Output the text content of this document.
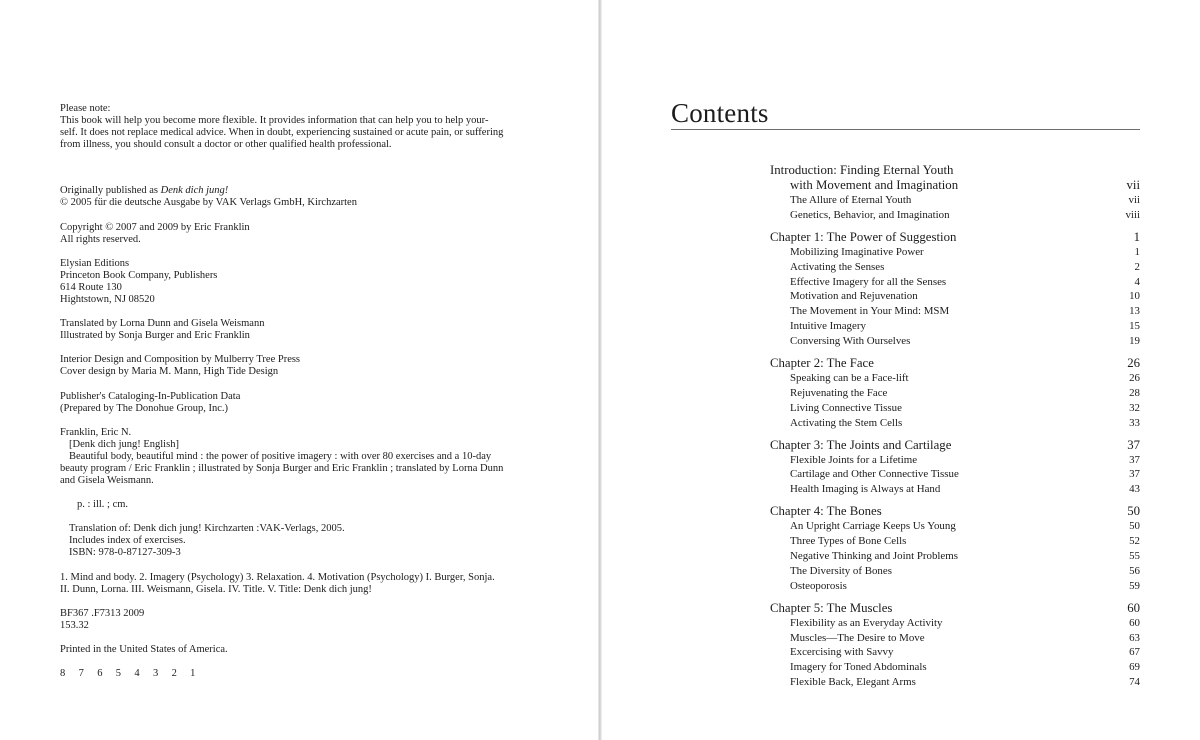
Please note:
This book will help you become more flexible. It provides information that can help you to help your-
self. It does not replace medical advice. When in doubt, experiencing sustained or acute pain, or suffering
from illness, you should consult a doctor or other qualified health professional.
Originally published as Denk dich jung!
© 2005 für die deutsche Ausgabe by VAK Verlags GmbH, Kirchzarten
Copyright © 2007 and 2009 by Eric Franklin
All rights reserved.
Elysian Editions
Princeton Book Company, Publishers
614 Route 130
Hightstown, NJ 08520
Translated by Lorna Dunn and Gisela Weismann
Illustrated by Sonja Burger and Eric Franklin
Interior Design and Composition by Mulberry Tree Press
Cover design by Maria M. Mann, High Tide Design
Publisher's Cataloging-In-Publication Data
(Prepared by The Donohue Group, Inc.)
Franklin, Eric N.
[Denk dich jung! English]
Beautiful body, beautiful mind : the power of positive imagery : with over 80 exercises and a 10-day
beauty program / Eric Franklin ; illustrated by Sonja Burger and Eric Franklin ; translated by Lorna Dunn
and Gisela Weismann.
p. : ill. ; cm.
Translation of: Denk dich jung! Kirchzarten :VAK-Verlags, 2005.
Includes index of exercises.
ISBN: 978-0-87127-309-3
1. Mind and body. 2. Imagery (Psychology) 3. Relaxation. 4. Motivation (Psychology) I. Burger, Sonja.
II. Dunn, Lorna. III. Weismann, Gisela. IV. Title. V. Title: Denk dich jung!
BF367 .F7313 2009
153.32
Printed in the United States of America.
8 7 6 5 4 3 2 1
Contents
Introduction: Finding Eternal Youth
with Movement and Imagination	vii
The Allure of Eternal Youth	vii
Genetics, Behavior, and Imagination	viii
Chapter 1: The Power of Suggestion	1
Mobilizing Imaginative Power	1
Activating the Senses	2
Effective Imagery for all the Senses	4
Motivation and Rejuvenation	10
The Movement in Your Mind: MSM	13
Intuitive Imagery	15
Conversing With Ourselves	19
Chapter 2: The Face	26
Speaking can be a Face-lift	26
Rejuvenating the Face	28
Living Connective Tissue	32
Activating the Stem Cells	33
Chapter 3: The Joints and Cartilage	37
Flexible Joints for a Lifetime	37
Cartilage and Other Connective Tissue	37
Health Imaging is Always at Hand	43
Chapter 4: The Bones	50
An Upright Carriage Keeps Us Young	50
Three Types of Bone Cells	52
Negative Thinking and Joint Problems	55
The Diversity of Bones	56
Osteoporosis	59
Chapter 5: The Muscles	60
Flexibility as an Everyday Activity	60
Muscles—The Desire to Move	63
Excercising with Savvy	67
Imagery for Toned Abdominals	69
Flexible Back, Elegant Arms	74
